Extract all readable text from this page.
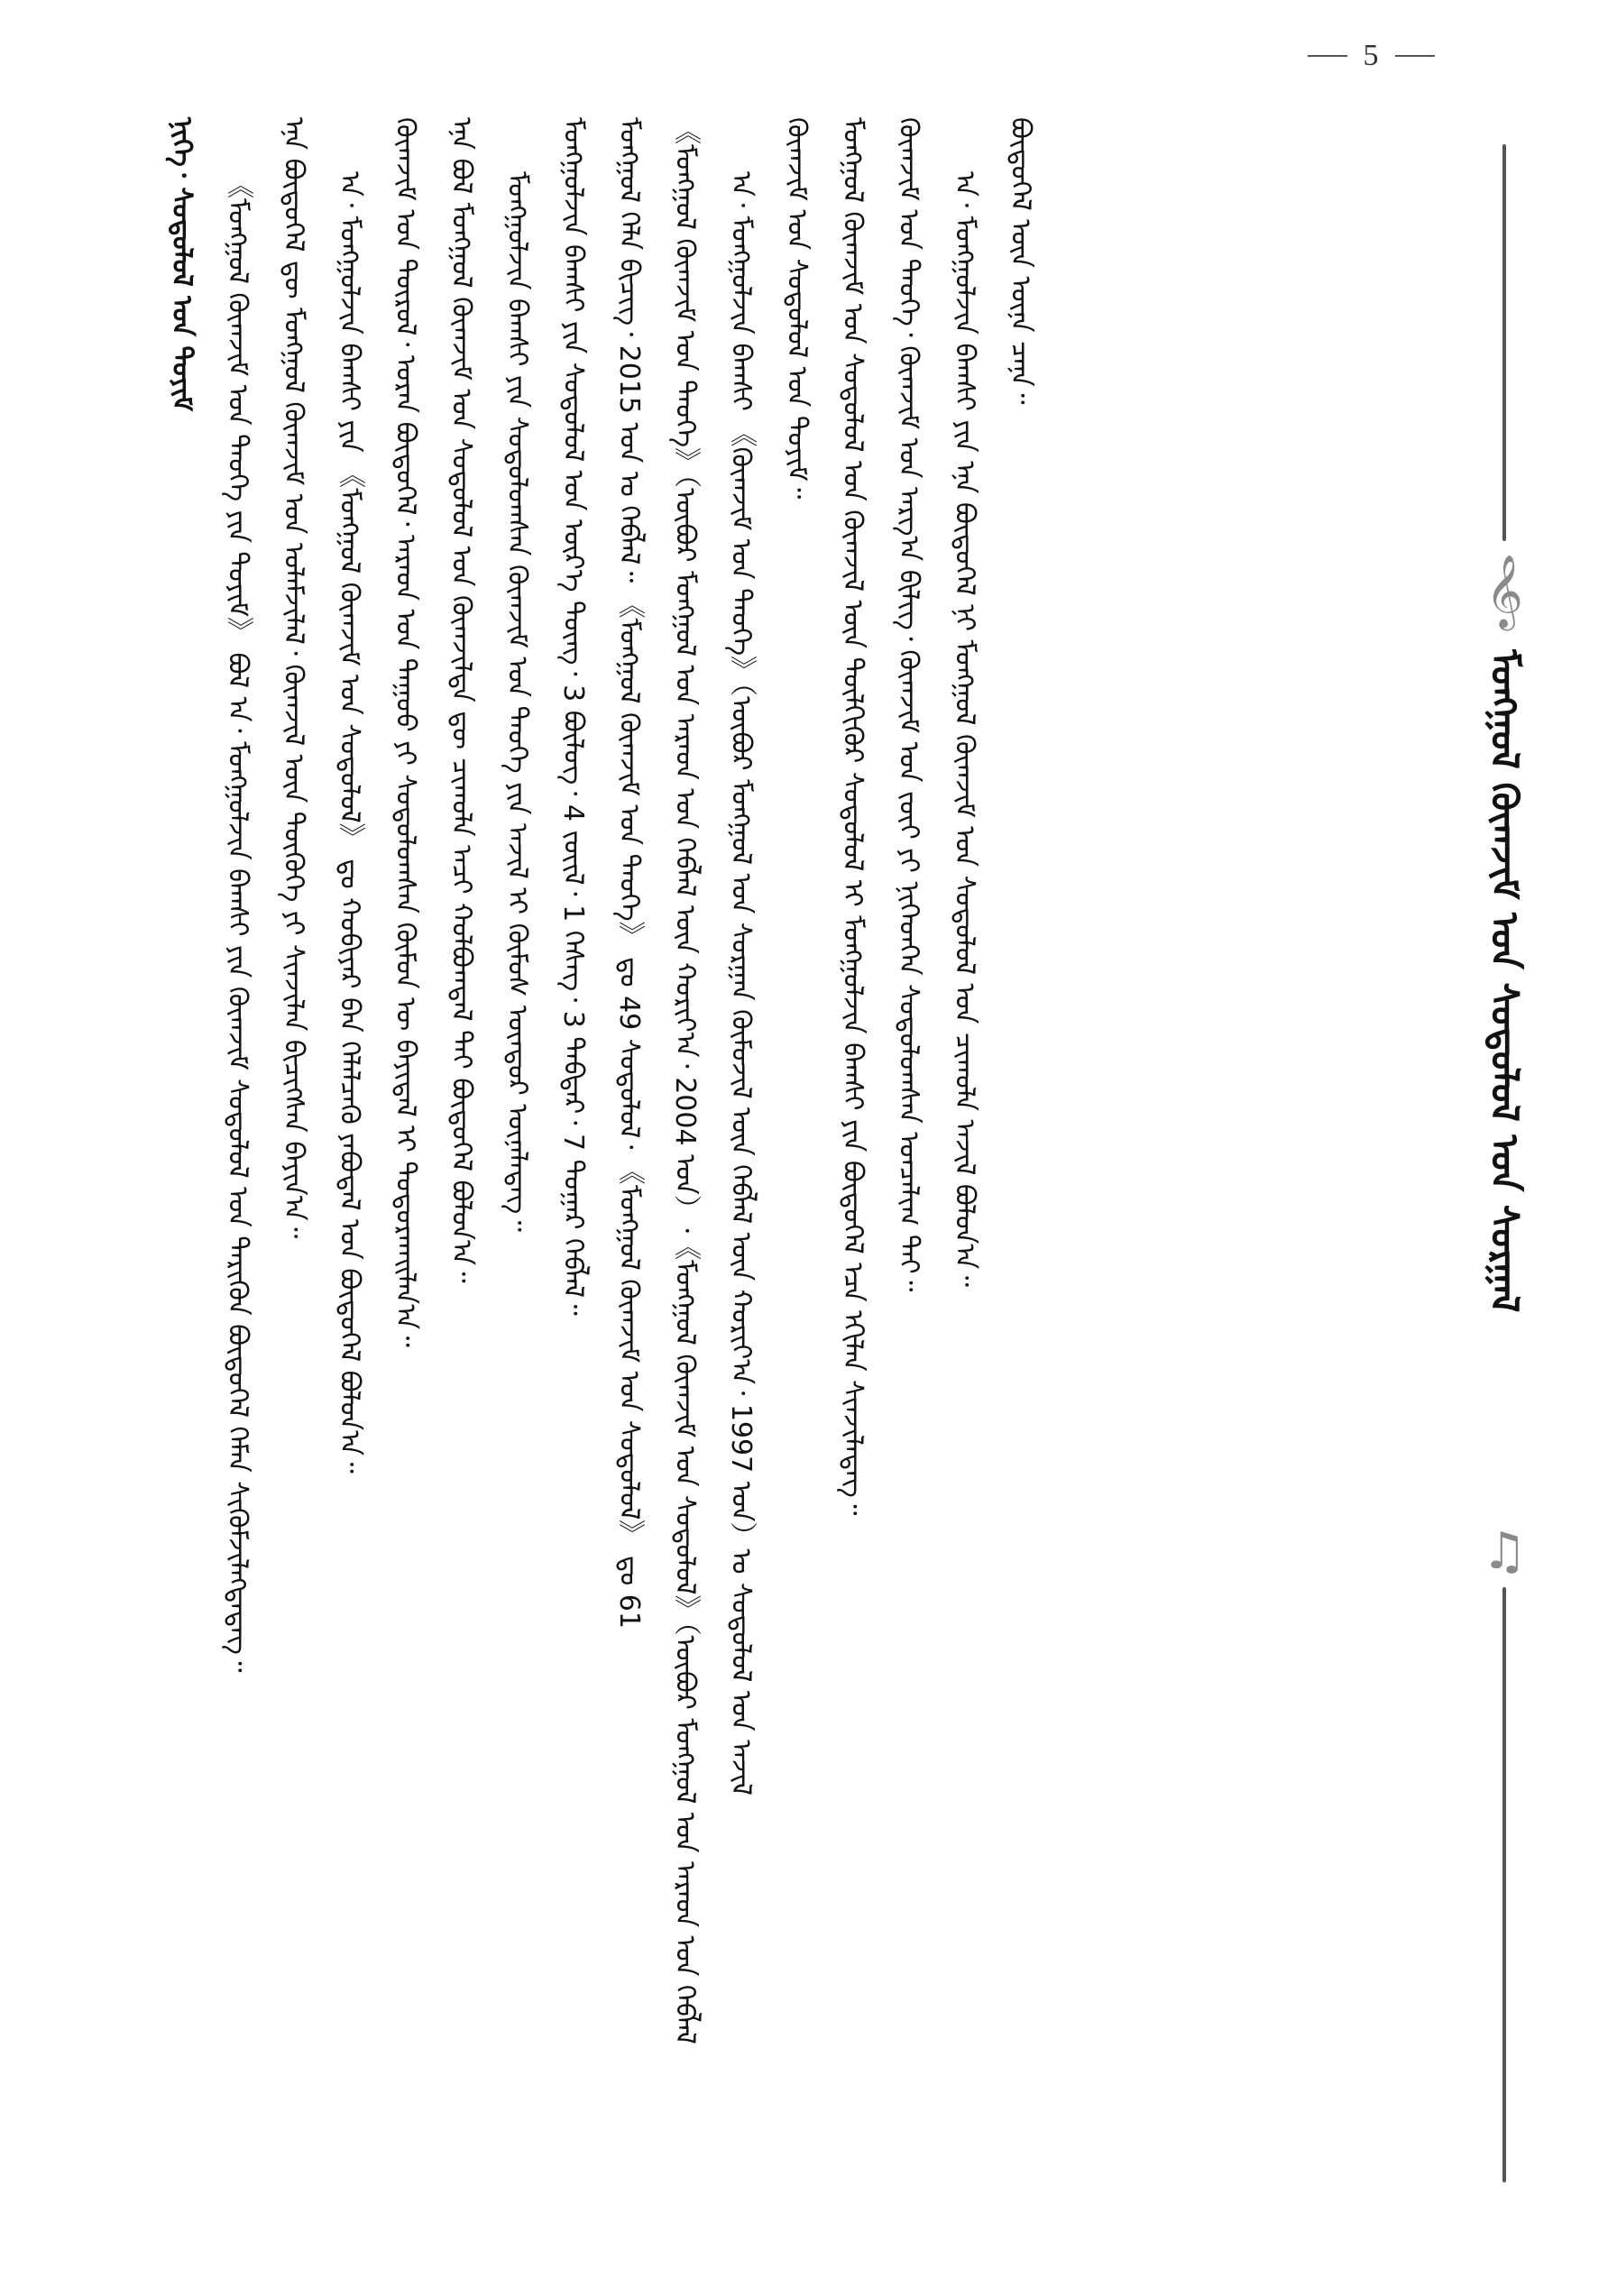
5
𝄞
ᠮᠣᠩᠭᠣᠯ ᠬᠥᠭ᠍ᠵᠢᠮ ᠤᠨ ᠰᠤᠳᠤᠯᠤᠯ ᠤᠨ ᠰᠤᠷᠭᠠᠯ
♫

ᠨᠢᠭᠡ᠂ ᠰᠤᠳᠤᠯᠤᠯ ᠤᠨ ᠲᠣᠶᠢᠮ 《ᠮᠣᠩᠭᠣᠯ ᠬᠥᠭ᠍ᠵᠢᠮ ᠤᠨ ᠲᠡᠦᠬᠡ ᠶᠢᠨ ᠲᠣᠶᠢᠮ》 ᠪᠣᠯ ᠠ᠂ ᠮᠣᠩᠭᠣᠯᠵᠢᠨ ᠪᠠᠭᠰᠢ ᠶᠢᠨ ᠬᠥᠭ᠍ᠵᠢᠮ ᠰᠤᠳᠤᠯᠤᠯ ᠤᠨ ᠲᠡᠷᠢᠭᠦᠨ ᠪᠦᠲᠦᠭᠡᠯ ᠬᠡᠮᠡᠨ ᠰᠢᠭᠦᠮᠵᠢᠯᠡᠭᠳᠡᠳᠡᠭ᠃ ᠡᠨᠡ ᠪᠦᠲᠦᠭᠡᠯ ᠳᠦ ᠮᠣᠩᠭᠣᠯ ᠬᠥᠭ᠍ᠵᠢᠮ ᠤᠨ ᠤᠯᠠᠮᠵᠢᠯᠠᠯ᠂ ᠬᠥᠭ᠍ᠵᠢᠯ ᠦᠨ ᠲᠦᠭᠦᠬᠡ ᠶᠢ ᠰᠢᠨᠵᠢᠯᠡᠨ ᠪᠢᠴᠢᠭᠰᠡᠨ ᠪᠠᠶᠢᠨ᠎ᠠ᠃ ᠠ᠂ ᠮᠣᠩᠭᠣᠯᠵᠢᠨ ᠪᠠᠭᠰᠢ ᠶᠢᠨ 《ᠮᠣᠩᠭᠣᠯ ᠬᠥᠭ᠍ᠵᠢᠮ ᠤᠨ ᠰᠤᠳᠤᠯᠤᠯ》 ᠳᠤ ᠬᠤᠪᠢᠶᠠᠷ ᠪᠠᠨ ᠬᠡᠯᠡᠯᠴᠡᠬᠦ ᠶᠠᠪᠤᠳᠠᠯ ᠤᠨ ᠪᠦᠲᠦᠭᠡᠯ ᠪᠣᠯᠤᠨ᠎ᠠ᠃ ᠬᠥᠭ᠍ᠵᠢᠮ ᠤᠨ ᠲᠥᠷᠥᠯ᠂ ᠤᠷᠠᠨ ᠪᠦᠲᠦᠭᠡᠯ᠂ ᠠᠷᠠᠳ ᠤᠨ ᠳᠠᠭᠤᠤ ᠶᠢ ᠰᠤᠳᠤᠯᠤᠭᠰᠠᠨ ᠬᠦᠮᠦᠨ ᠦ ᠪᠠᠶᠢᠳᠠᠯ ᠢ ᠲᠣᠳᠤᠷᠬᠠᠢᠯᠠᠨ᠎ᠠ᠃ ᠡᠨᠡ ᠪᠣᠯ ᠮᠣᠩᠭᠣᠯ ᠬᠥᠭ᠍ᠵᠢᠮ ᠤᠨ ᠰᠤᠳᠤᠯᠤᠯ ᠤᠨ ᠬᠥᠭ᠍ᠵᠢᠯᠲᠡ ᠳᠦ ᠴᠢᠬᠤᠯᠠ ᠠᠴᠢ ᠬᠣᠯᠪᠣᠭᠳᠠᠯ ᠲᠠᠢ ᠪᠦᠲᠦᠭᠡᠯ ᠪᠣᠯᠤᠨ᠎ᠠ᠃ ᠮᠣᠩᠭᠣᠯᠵᠢᠨ ᠪᠠᠭᠰᠢ ᠶᠢᠨ ᠰᠤᠳᠤᠯᠤᠭᠰᠠᠨ ᠬᠥᠭ᠍ᠵᠢᠮ ᠤᠨ ᠲᠡᠦᠬᠡ ᠶᠢᠨ ᠠᠵᠢᠯ ᠢ ᠬᠦᠮᠦᠰ ᠦᠨᠳᠦᠷ ᠦᠨᠡᠯᠡᠳᠡᠭ᠃ ᠮᠣᠩᠭᠣᠯᠵᠢᠨ ᠪᠠᠭᠰᠢ ᠶᠢᠨ ᠰᠤᠳᠤᠯᠤᠯ ᠤᠨ ᠦᠷ᠎ᠡ ᠳᠦᠩ᠂ 3 ᠪᠦᠯᠦᠭ᠂ 4 ᠵᠦᠢᠯ᠂ 1 ᠬᠡᠰᠡᠭ᠂ 3 ᠳᠡᠪᠲᠡᠷ᠂ 7 ᠳᠤᠭᠠᠷ ᠬᠡᠪᠯᠡᠯ᠃ ᠮᠣᠩᠭᠣᠯ ᠬᠡᠯᠡ ᠪᠢᠴᠢᠭ᠂ 2015 ᠣᠨ ᠤ ᠬᠡᠪᠯᠡᠯ᠃ 《ᠮᠣᠩᠭᠣᠯ ᠬᠥᠭ᠍ᠵᠢᠮ ᠤᠨ ᠲᠡᠦᠬᠡ》 ᠳᠤ 49 ᠰᠤᠳᠤᠯᠤᠯ᠂ 《ᠮᠣᠩᠭᠣᠯ ᠬᠥᠭ᠍ᠵᠢᠮ ᠤᠨ ᠰᠤᠳᠤᠯᠤᠯ》 ᠳᠤ 61 《ᠮᠣᠩᠭᠣᠯ ᠬᠥᠭ᠍ᠵᠢᠮ ᠤᠨ ᠲᠡᠦᠬᠡ》（ᠥᠪᠦᠷ ᠮᠣᠩᠭᠣᠯ ᠤᠨ ᠠᠷᠠᠳ ᠤᠨ ᠬᠡᠪᠯᠡᠯ ᠦᠨ ᠬᠣᠷᠢᠶ᠎ᠠ᠂ 2004 ᠣᠨ）᠂《ᠮᠣᠩᠭᠣᠯ ᠬᠥᠭ᠍ᠵᠢᠮ ᠤᠨ ᠰᠤᠳᠤᠯᠤᠯ》（ᠥᠪᠦᠷ ᠮᠣᠩᠭᠣᠯ ᠤᠨ ᠠᠷᠠᠳ ᠤᠨ ᠬᠡᠪᠯᠡᠯ ᠠ᠂ ᠮᠣᠩᠭᠣᠯᠵᠢᠨ ᠪᠠᠭᠰᠢ 《ᠬᠥᠭ᠍ᠵᠢᠮ ᠤᠨ ᠲᠡᠦᠬᠡ》（ᠥᠪᠦᠷ ᠮᠣᠩᠭᠣᠯ ᠤᠨ ᠰᠤᠷᠭᠠᠨ ᠬᠦᠮᠦᠵᠢᠯ ᠦᠨ ᠬᠡᠪᠯᠡᠯ ᠦᠨ ᠬᠣᠷᠢᠶ᠎ᠠ᠂ 1997 ᠣᠨ）ᠤ ᠰᠤᠳᠤᠯᠤᠯ ᠤᠨ ᠠᠵᠢᠯ ᠬᠥᠭ᠍ᠵᠢᠮ ᠤᠨ ᠰᠤᠳᠤᠯᠤᠯ ᠤᠨ ᠲᠣᠶᠢᠮ᠃ ᠮᠣᠩᠭᠣᠯ ᠬᠥᠭ᠍ᠵᠢᠮ ᠤᠨ ᠰᠤᠳᠤᠯᠤᠯ ᠤᠨ ᠬᠥᠭ᠍ᠵᠢᠯ ᠦᠨ ᠲᠦᠯᠬᠢᠭᠦᠷ ᠰᠤᠳᠤᠯᠤᠯ ᠢ ᠮᠣᠩᠭᠣᠯᠵᠢᠨ ᠪᠠᠭᠰᠢ ᠶᠢᠨ ᠪᠦᠲᠦᠭᠡᠯ ᠡᠴᠡ ᠡᠬᠢᠯᠡᠨ ᠰᠢᠨᠵᠢᠯᠡᠳᠡᠭ᠃ ᠬᠥᠭ᠍ᠵᠢᠮ ᠤᠨ ᠲᠡᠦᠬᠡ᠂ ᠬᠥᠭ᠍ᠵᠢᠮ ᠤᠨ ᠠᠷᠭ᠎ᠠ ᠪᠢᠯᠢᠭ᠂ ᠬᠥᠭ᠍ᠵᠢᠮ ᠤᠨ ᠵᠦᠢ ᠶᠢ ᠨᠢᠭᠡᠳᠬᠡᠨ ᠰᠤᠳᠤᠯᠤᠭᠰᠠᠨ ᠣᠨᠴᠠᠯᠢᠭ ᠲᠠᠢ᠃ ᠠ᠂ ᠮᠣᠩᠭᠣᠯᠵᠢᠨ ᠪᠠᠭᠰᠢ ᠶᠢᠨ ᠡᠨᠡ ᠪᠦᠲᠦᠭᠡᠯ ᠨᠢ ᠮᠣᠩᠭᠣᠯ ᠬᠥᠭ᠍ᠵᠢᠮ ᠤᠨ ᠰᠤᠳᠤᠯᠤᠯ ᠤᠨ ᠴᠢᠬᠤᠯᠠ ᠠᠵᠢᠯ ᠪᠣᠯᠤᠨ᠎ᠠ᠃ ᠪᠦᠲᠦᠭᠡᠯ ᠦᠨ ᠦᠨᠡ ᠴᠡᠨᠡ᠃
